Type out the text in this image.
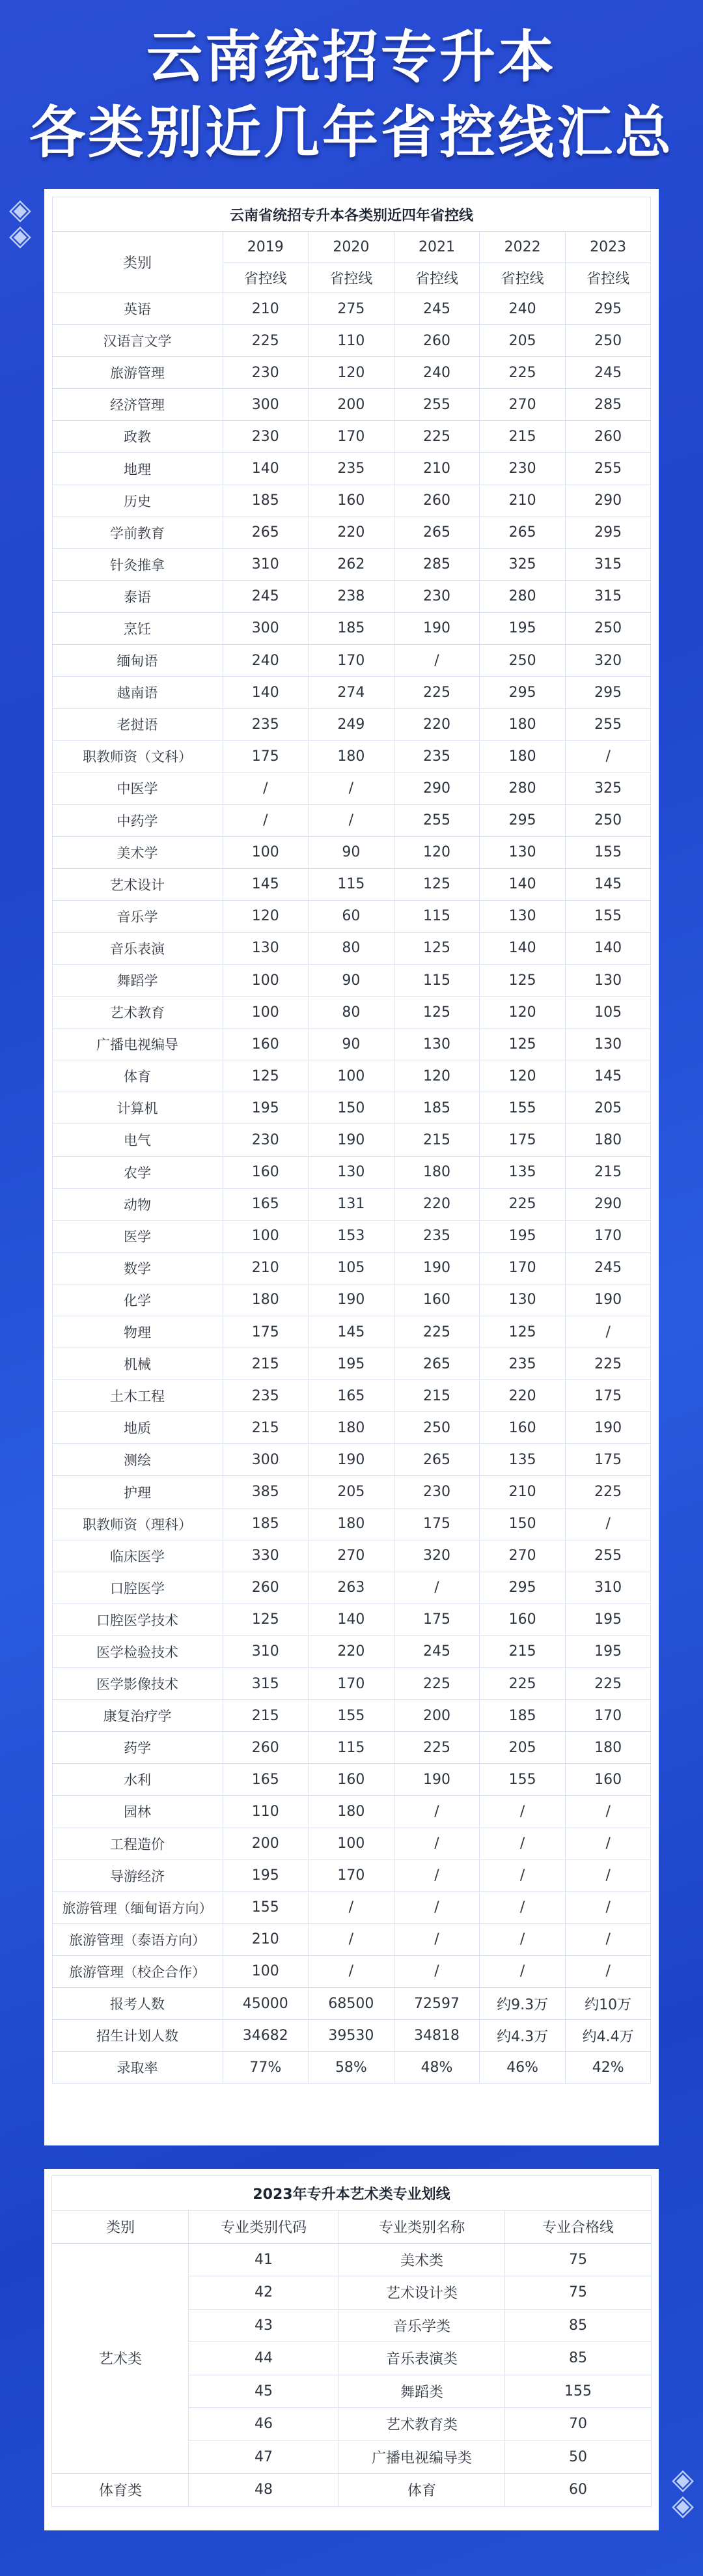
云南统招专升本
各类别近几年省控线汇总
◈
◈
◈
◈
云南省统招专升本各类别近四年省控线					
类别	2019	2020	2021	2022	2023
	省控线	省控线	省控线	省控线	省控线
英语	210	275	245	240	295
汉语言文学	225	110	260	205	250
旅游管理	230	120	240	225	245
经济管理	300	200	255	270	285
政教	230	170	225	215	260
地理	140	235	210	230	255
历史	185	160	260	210	290
学前教育	265	220	265	265	295
针灸推拿	310	262	285	325	315
泰语	245	238	230	280	315
烹饪	300	185	190	195	250
缅甸语	240	170	/	250	320
越南语	140	274	225	295	295
老挝语	235	249	220	180	255
职教师资（文科）	175	180	235	180	/
中医学	/	/	290	280	325
中药学	/	/	255	295	250
美术学	100	90	120	130	155
艺术设计	145	115	125	140	145
音乐学	120	60	115	130	155
音乐表演	130	80	125	140	140
舞蹈学	100	90	115	125	130
艺术教育	100	80	125	120	105
广播电视编导	160	90	130	125	130
体育	125	100	120	120	145
计算机	195	150	185	155	205
电气	230	190	215	175	180
农学	160	130	180	135	215
动物	165	131	220	225	290
医学	100	153	235	195	170
数学	210	105	190	170	245
化学	180	190	160	130	190
物理	175	145	225	125	/
机械	215	195	265	235	225
土木工程	235	165	215	220	175
地质	215	180	250	160	190
测绘	300	190	265	135	175
护理	385	205	230	210	225
职教师资（理科）	185	180	175	150	/
临床医学	330	270	320	270	255
口腔医学	260	263	/	295	310
口腔医学技术	125	140	175	160	195
医学检验技术	310	220	245	215	195
医学影像技术	315	170	225	225	225
康复治疗学	215	155	200	185	170
药学	260	115	225	205	180
水利	165	160	190	155	160
园林	110	180	/	/	/
工程造价	200	100	/	/	/
导游经济	195	170	/	/	/
旅游管理（缅甸语方向）	155	/	/	/	/
旅游管理（泰语方向）	210	/	/	/	/
旅游管理（校企合作）	100	/	/	/	/
报考人数	45000	68500	72597	约9.3万	约10万
招生计划人数	34682	39530	34818	约4.3万	约4.4万
录取率	77%	58%	48%	46%	42%
2023年专升本艺术类专业划线			
类别	专业类别代码	专业类别名称	专业合格线
艺术类	41	美术类	75
	42	艺术设计类	75
	43	音乐学类	85
	44	音乐表演类	85
	45	舞蹈类	155
	46	艺术教育类	70
	47	广播电视编导类	50
体育类	48	体育	60
